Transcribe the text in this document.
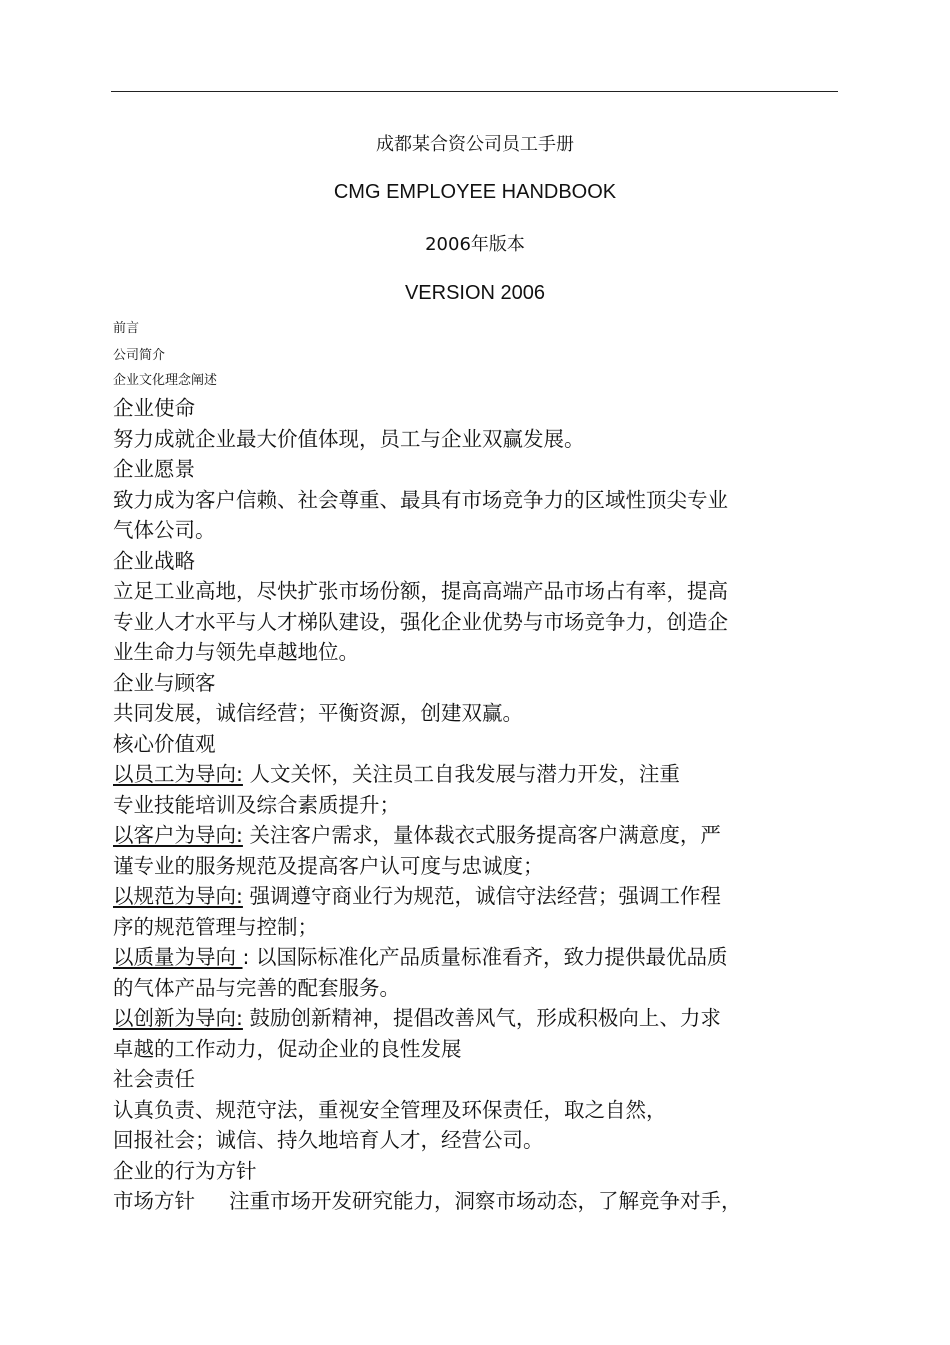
成都某合资公司员工手册
CMG EMPLOYEE HANDBOOK
2006年版本
VERSION 2006
前言
公司简介
企业文化理念阐述
企业使命
努力成就企业最大价值体现，员工与企业双赢发展。
企业愿景
致力成为客户信赖、社会尊重、最具有市场竞争力的区域性顶尖专业
气体公司。
企业战略
立足工业高地，尽快扩张市场份额，提高高端产品市场占有率，提高
专业人才水平与人才梯队建设，强化企业优势与市场竞争力，创造企
业生命力与领先卓越地位。
企业与顾客
共同发展，诚信经营；平衡资源，创建双赢。
核心价值观
以员工为导向: 人文关怀，关注员工自我发展与潜力开发，注重
专业技能培训及综合素质提升；
以客户为导向: 关注客户需求，量体裁衣式服务提高客户满意度，严
谨专业的服务规范及提高客户认可度与忠诚度；
以规范为导向: 强调遵守商业行为规范，诚信守法经营；强调工作程
序的规范管理与控制；
以质量为导向 : 以国际标准化产品质量标准看齐，致力提供最优品质
的气体产品与完善的配套服务。
以创新为导向: 鼓励创新精神，提倡改善风气，形成积极向上、力求
卓越的工作动力，促动企业的良性发展
社会责任
认真负责、规范守法，重视安全管理及环保责任，取之自然，
回报社会；诚信、持久地培育人才，经营公司。
企业的行为方针
市场方针 注重市场开发研究能力，洞察市场动态，了解竞争对手，
